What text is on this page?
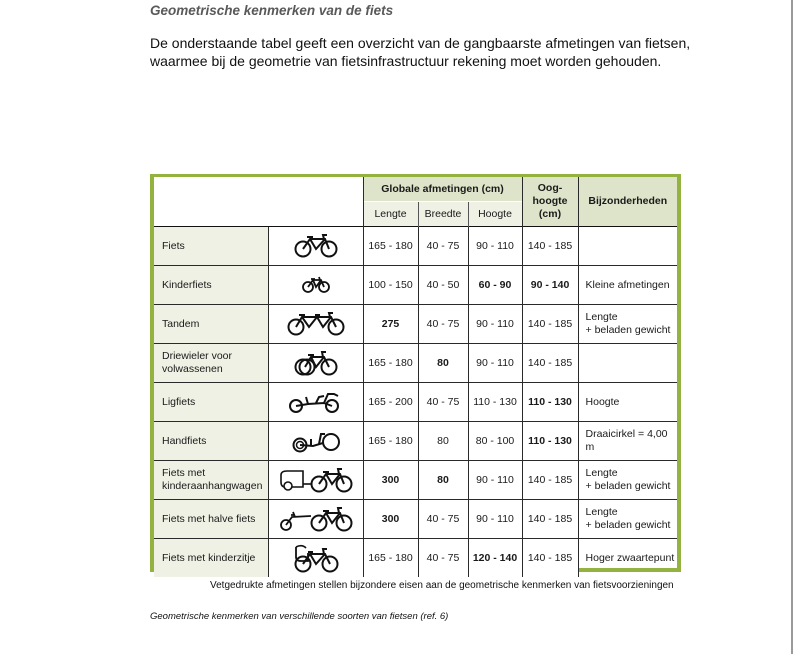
Geometrische kenmerken van de fiets
De onderstaande tabel geeft een overzicht van de gangbaarste afmetingen van fietsen, waarmee bij de geometrie van fietsinfrastructuur rekening moet worden gehouden.
		Globale afmetingen (cm)			Oog-
hoogte
(cm)	Bijzonderheden
		Lengte	Breedte	Hoogte		
Fiets		165 - 180	40 - 75	90 - 110	140 - 185	
Kinderfiets		100 - 150	40 - 50	60 - 90	90 - 140	Kleine afmetingen
Tandem		275	40 - 75	90 - 110	140 - 185	Lengte
+ beladen gewicht

Driewieler voor
volwassenen		165 - 180	80	90 - 110	140 - 185	
Ligfiets		165 - 200	40 - 75	110 - 130	110 - 130	Hoogte
Handfiets		165 - 180	80	80 - 100	110 - 130	Draaicirkel = 4,00 m

Fiets met
kinderaanhangwagen		300	80	90 - 110	140 - 185	
Lengte
+ beladen gewicht

Fiets met halve fiets		300	40 - 75	90 - 110	140 - 185	Lengte
+ beladen gewicht

Fiets met kinderzitje		165 - 180	40 - 75	120 - 140	140 - 185	Hoger zwaartepunt
Vetgedrukte afmetingen stellen bijzondere eisen aan de geometrische kenmerken van fietsvoorzieningen
Geometrische kenmerken van verschillende soorten van fietsen (ref. 6)
